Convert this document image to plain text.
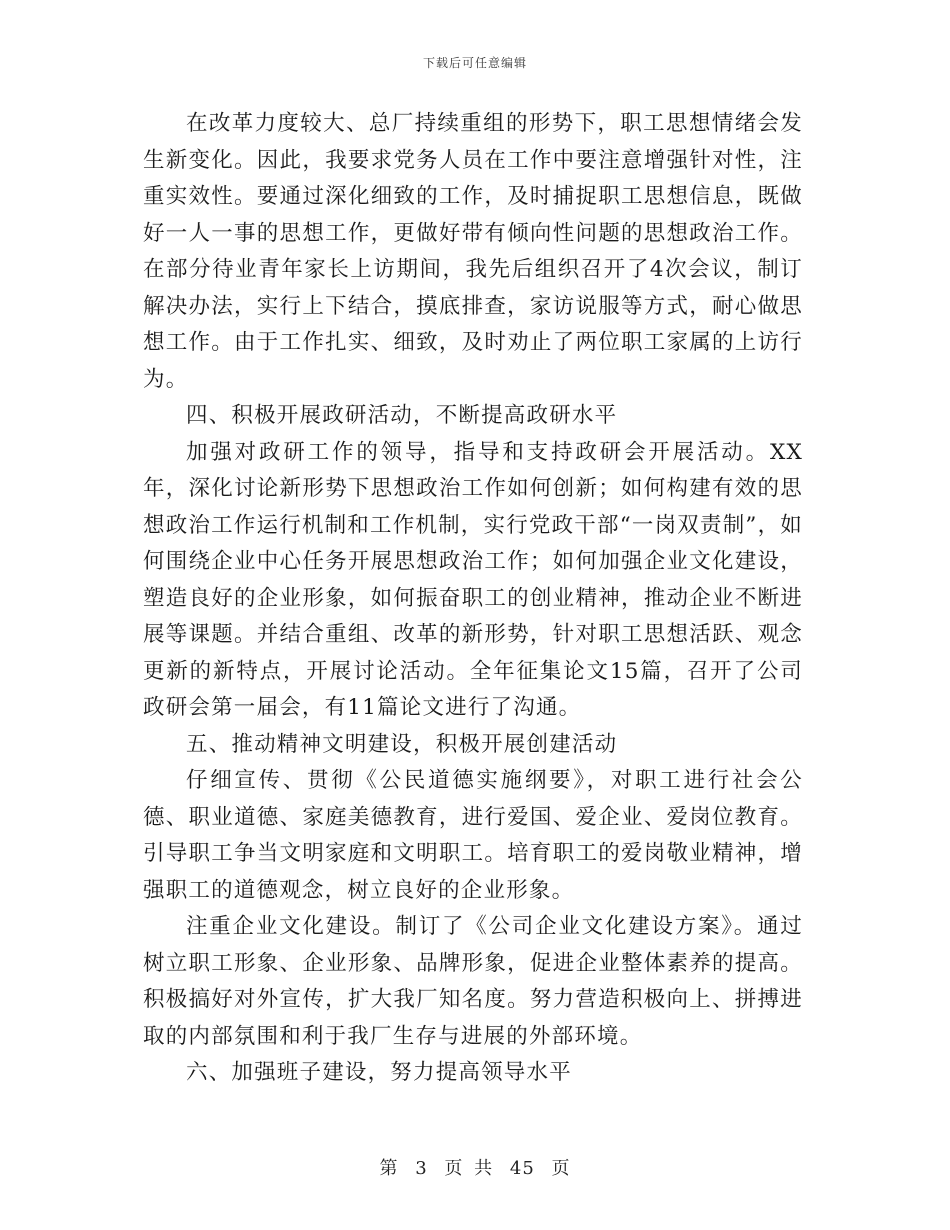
下载后可任意编辑

在改革力度较大、总厂持续重组的形势下，职工思想情绪会发生新变化。因此，我要求党务人员在工作中要注意增强针对性，注重实效性。要通过深化细致的工作，及时捕捉职工思想信息，既做好一人一事的思想工作，更做好带有倾向性问题的思想政治工作。在部分待业青年家长上访期间，我先后组织召开了4次会议，制订解决办法，实行上下结合，摸底排查，家访说服等方式，耐心做思想工作。由于工作扎实、细致，及时劝止了两位职工家属的上访行为。

四、积极开展政研活动，不断提高政研水平

加强对政研工作的领导，指导和支持政研会开展活动。XX年，深化讨论新形势下思想政治工作如何创新；如何构建有效的思想政治工作运行机制和工作机制，实行党政干部“一岗双责制”，如何围绕企业中心任务开展思想政治工作；如何加强企业文化建设，塑造良好的企业形象，如何振奋职工的创业精神，推动企业不断进展等课题。并结合重组、改革的新形势，针对职工思想活跃、观念更新的新特点，开展讨论活动。全年征集论文15篇，召开了公司政研会第一届会，有11篇论文进行了沟通。

五、推动精神文明建设，积极开展创建活动

仔细宣传、贯彻《公民道德实施纲要》，对职工进行社会公德、职业道德、家庭美德教育，进行爱国、爱企业、爱岗位教育。引导职工争当文明家庭和文明职工。培育职工的爱岗敬业精神，增强职工的道德观念，树立良好的企业形象。

注重企业文化建设。制订了《公司企业文化建设方案》。通过树立职工形象、企业形象、品牌形象，促进企业整体素养的提高。积极搞好对外宣传，扩大我厂知名度。努力营造积极向上、拼搏进取的内部氛围和利于我厂生存与进展的外部环境。

六、加强班子建设，努力提高领导水平

第 3 页 共 45 页
